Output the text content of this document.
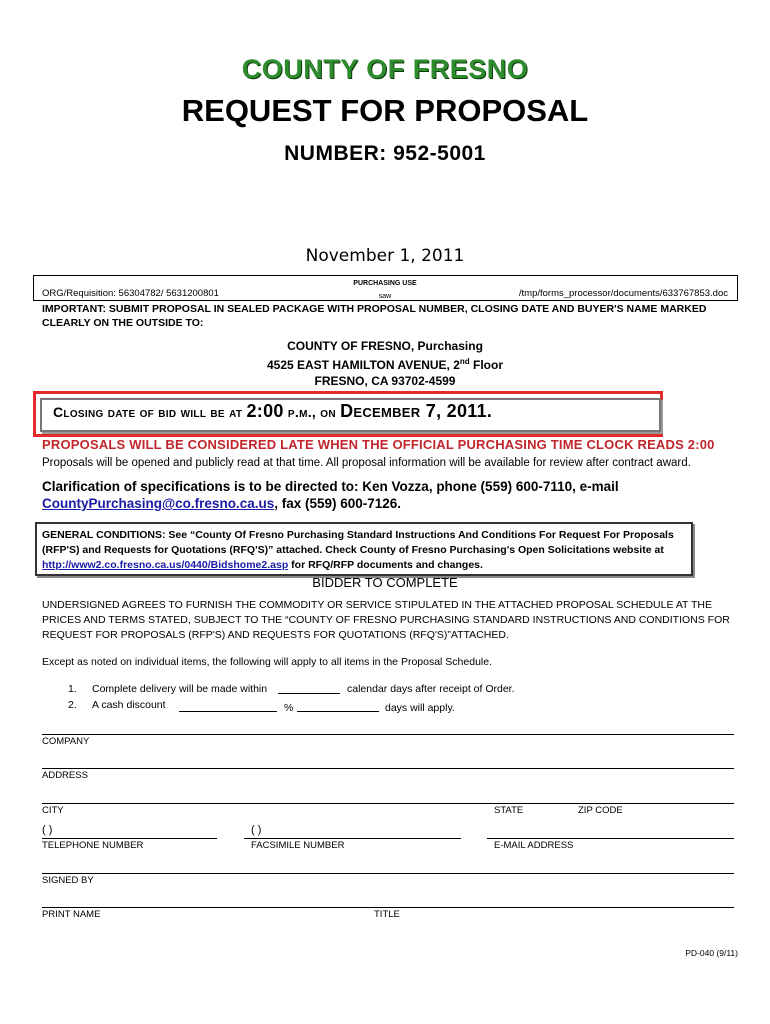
COUNTY OF FRESNO
REQUEST FOR PROPOSAL
NUMBER: 952-5001
November 1, 2011
PURCHASING USE
saw
ORG/Requisition: 56304782/ 5631200801	/tmp/forms_processor/documents/633767853.doc
IMPORTANT: SUBMIT PROPOSAL IN SEALED PACKAGE WITH PROPOSAL NUMBER, CLOSING DATE AND BUYER'S NAME MARKED CLEARLY ON THE OUTSIDE TO:
COUNTY OF FRESNO, Purchasing
4525 EAST HAMILTON AVENUE, 2nd Floor
FRESNO, CA 93702-4599
Closing date of bid will be at 2:00 p.m., on December 7, 2011.
PROPOSALS WILL BE CONSIDERED LATE WHEN THE OFFICIAL PURCHASING TIME CLOCK READS 2:00
Proposals will be opened and publicly read at that time. All proposal information will be available for review after contract award.
Clarification of specifications is to be directed to: Ken Vozza, phone (559) 600-7110, e-mail
CountyPurchasing@co.fresno.ca.us, fax (559) 600-7126.
GENERAL CONDITIONS: See “County Of Fresno Purchasing Standard Instructions And Conditions For Request For Proposals (RFP'S) and Requests for Quotations (RFQ'S)” attached. Check County of Fresno Purchasing's Open Solicitations website at
http://www2.co.fresno.ca.us/0440/Bidshome2.asp for RFQ/RFP documents and changes.
BIDDER TO COMPLETE
UNDERSIGNED AGREES TO FURNISH THE COMMODITY OR SERVICE STIPULATED IN THE ATTACHED PROPOSAL SCHEDULE AT THE PRICES AND TERMS STATED, SUBJECT TO THE “COUNTY OF FRESNO PURCHASING STANDARD INSTRUCTIONS AND CONDITIONS FOR REQUEST FOR PROPOSALS (RFP'S) AND REQUESTS FOR QUOTATIONS (RFQ'S)”ATTACHED.
Except as noted on individual items, the following will apply to all items in the Proposal Schedule.
1. Complete delivery will be made within	calendar days after receipt of Order.
2. A cash discount	%	days will apply.
COMPANY
ADDRESS
CITY	STATE	ZIP CODE
( )
TELEPHONE NUMBER
( )
FACSIMILE NUMBER	E-MAIL ADDRESS
SIGNED BY
PRINT NAME	TITLE
PD-040 (9/11)
